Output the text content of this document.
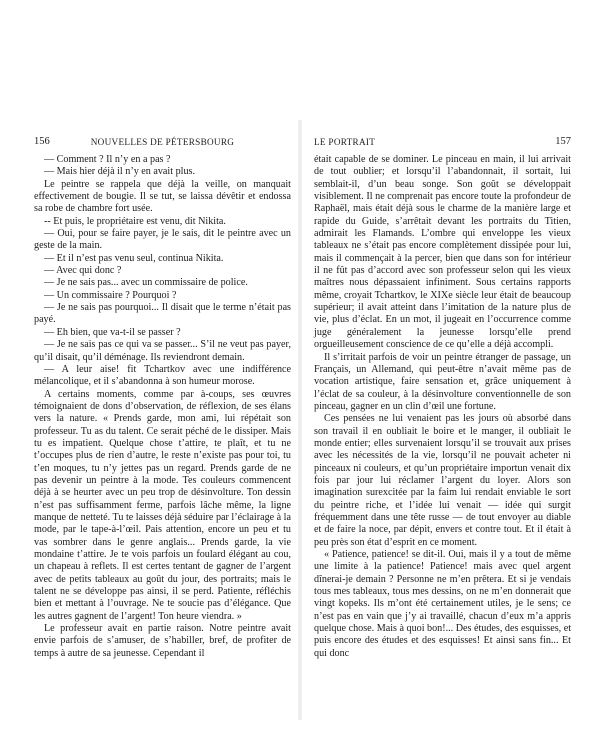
156	NOUVELLES DE PÉTERSBOURG

— Comment ? Il n’y en a pas ?

— Mais hier déjà il n’y en avait plus.

Le peintre se rappela que déjà la veille, on manquait effectivement de bougie. Il se tut, se laissa dévêtir et endossa sa robe de chambre fort usée.

-- Et puis, le propriétaire est venu, dit Nikita.

— Oui, pour se faire payer, je le sais, dit le peintre avec un geste de la main.

— Et il n’est pas venu seul, continua Nikita.

— Avec qui donc ?

— Je ne sais pas... avec un commissaire de police.

— Un commissaire ? Pourquoi ?

— Je ne sais pas pourquoi... Il disait que le terme n’était pas payé.

— Eh bien, que va-t-il se passer ?

— Je ne sais pas ce qui va se passer... S’il ne veut pas payer, qu’il disait, qu’il déménage. Ils reviendront demain.

— A leur aise! fit Tchartkov avec une indifférence mélancolique, et il s’abandonna à son humeur morose.

A certains moments, comme par à-coups, ses œuvres témoignaient de dons d’observation, de réflexion, de ses élans vers la nature. « Prends garde, mon ami, lui répétait son professeur. Tu as du talent. Ce serait péché de le dissiper. Mais tu es impatient. Quelque chose t’attire, te plaît, et tu ne t’occupes plus de rien d’autre, le reste n’existe pas pour toi, tu t’en moques, tu n’y jettes pas un regard. Prends garde de ne pas devenir un peintre à la mode. Tes couleurs commencent déjà à se heurter avec un peu trop de désinvolture. Ton dessin n’est pas suffisamment ferme, parfois lâche même, la ligne manque de netteté. Tu te laisses déjà séduire par l’éclairage à la mode, par le tape-à-l’œil. Pais attention, encore un peu et tu vas sombrer dans le genre anglais... Prends garde, la vie mondaine t’attire. Je te vois parfois un foulard élégant au cou, un chapeau à reflets. Il est certes tentant de gagner de l’argent avec de petits tableaux au goût du jour, des portraits; mais le talent ne se développe pas ainsi, il se perd. Patiente, réfléchis bien et mettant à l’ouvrage. Ne te soucie pas d’élégance. Que les autres gagnent de l’argent! Ton heure viendra. »

Le professeur avait en partie raison. Notre peintre avait envie parfois de s’amuser, de s’habiller, bref, de profiter de temps à autre de sa jeunesse. Cependant il

LE PORTRAIT	157

était capable de se dominer. Le pinceau en main, il lui arrivait de tout oublier; et lorsqu’il l’abandonnait, il sortait, lui semblait-il, d’un beau songe. Son goût se développait visiblement. Il ne comprenait pas encore toute la profondeur de Raphaël, mais était déjà sous le charme de la manière large et rapide du Guide, s’arrêtait devant les portraits du Titien, admirait les Flamands. L’ombre qui enveloppe les vieux tableaux ne s’était pas encore complètement dissipée pour lui, mais il commençait à la percer, bien que dans son for intérieur il ne fût pas d’accord avec son professeur selon qui les vieux maîtres nous dépassaient infiniment. Sous certains rapports même, croyait Tchartkov, le XIXe siècle leur était de beaucoup supérieur; il avait atteint dans l’imitation de la nature plus de vie, plus d’éclat. En un mot, il jugeait en l’occurrence comme juge généralement la jeunesse lorsqu’elle prend orgueilleusement conscience de ce qu’elle a déjà accompli.

Il s’irritait parfois de voir un peintre étranger de passage, un Français, un Allemand, qui peut-être n’avait même pas de vocation artistique, faire sensation et, grâce uniquement à l’éclat de sa couleur, à la désinvolture conventionnelle de son pinceau, gagner en un clin d’œil une fortune.

Ces pensées ne lui venaient pas les jours où absorbé dans son travail il en oubliait le boire et le manger, il oubliait le monde entier; elles survenaient lorsqu’il se trouvait aux prises avec les nécessités de la vie, lorsqu’il ne pouvait acheter ni pinceaux ni couleurs, et qu’un propriétaire importun venait dix fois par jour lui réclamer l’argent du loyer. Alors son imagination surexcitée par la faim lui rendait enviable le sort du peintre riche, et l’idée lui venait — idée qui surgit fréquemment dans une tête russe — de tout envoyer au diable et de faire la noce, par dépit, envers et contre tout. Et il était à peu près son état d’esprit en ce moment.

« Patience, patience! se dit-il. Oui, mais il y a tout de même une limite à la patience! Patience! mais avec quel argent dînerai-je demain ? Personne ne m’en prêtera. Et si je vendais tous mes tableaux, tous mes dessins, on ne m’en donnerait que vingt kopeks. Ils m’ont été certainement utiles, je le sens; ce n’est pas en vain que j’y ai travaillé, chacun d’eux m’a appris quelque chose. Mais à quoi bon!... Des études, des esquisses, et puis encore des études et des esquisses! Et ainsi sans fin... Et qui donc
